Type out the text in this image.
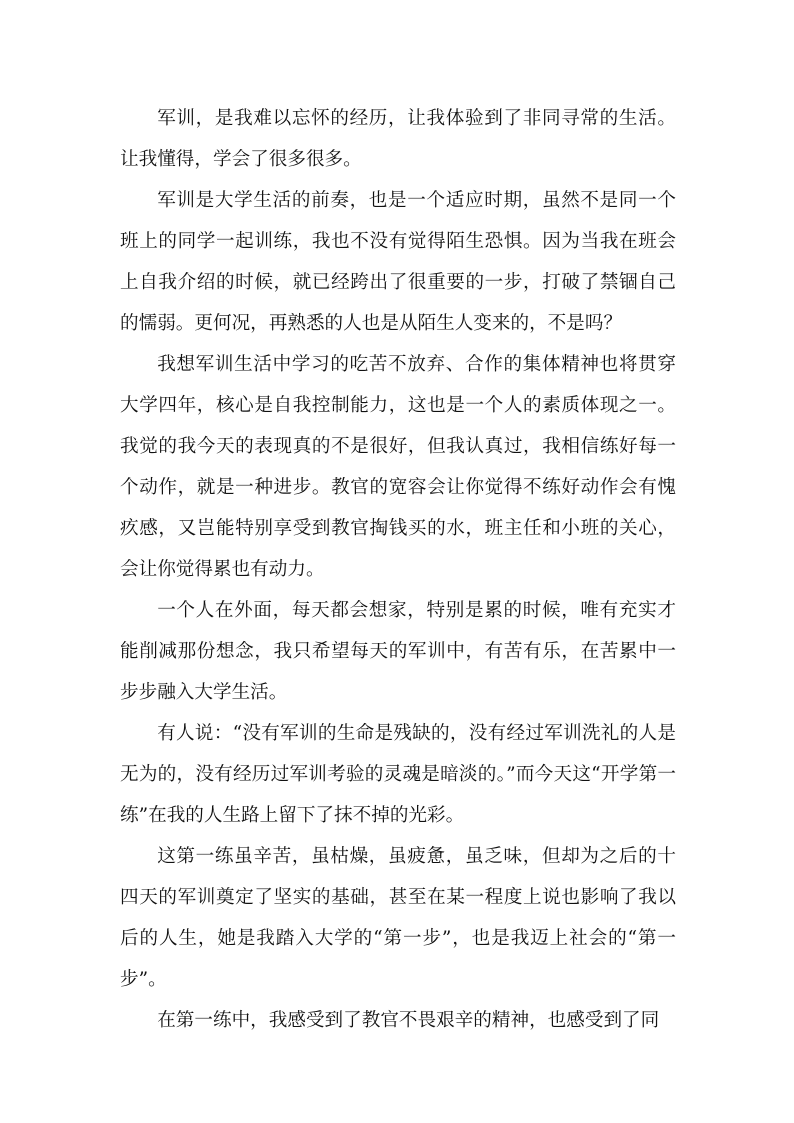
军训，是我难以忘怀的经历，让我体验到了非同寻常的生活。让我懂得，学会了很多很多。

军训是大学生活的前奏，也是一个适应时期，虽然不是同一个班上的同学一起训练，我也不没有觉得陌生恐惧。因为当我在班会上自我介绍的时候，就已经跨出了很重要的一步，打破了禁锢自己的懦弱。更何况，再熟悉的人也是从陌生人变来的，不是吗？

我想军训生活中学习的吃苦不放弃、合作的集体精神也将贯穿大学四年，核心是自我控制能力，这也是一个人的素质体现之一。我觉的我今天的表现真的不是很好，但我认真过，我相信练好每一个动作，就是一种进步。教官的宽容会让你觉得不练好动作会有愧疚感，又岂能特别享受到教官掏钱买的水，班主任和小班的关心，会让你觉得累也有动力。

一个人在外面，每天都会想家，特别是累的时候，唯有充实才能削减那份想念，我只希望每天的军训中，有苦有乐，在苦累中一步步融入大学生活。

有人说：“没有军训的生命是残缺的，没有经过军训洗礼的人是无为的，没有经历过军训考验的灵魂是暗淡的。”而今天这“开学第一练”在我的人生路上留下了抹不掉的光彩。

这第一练虽辛苦，虽枯燥，虽疲惫，虽乏味，但却为之后的十四天的军训奠定了坚实的基础，甚至在某一程度上说也影响了我以后的人生，她是我踏入大学的“第一步”，也是我迈上社会的“第一步”。

在第一练中，我感受到了教官不畏艰辛的精神，也感受到了同
